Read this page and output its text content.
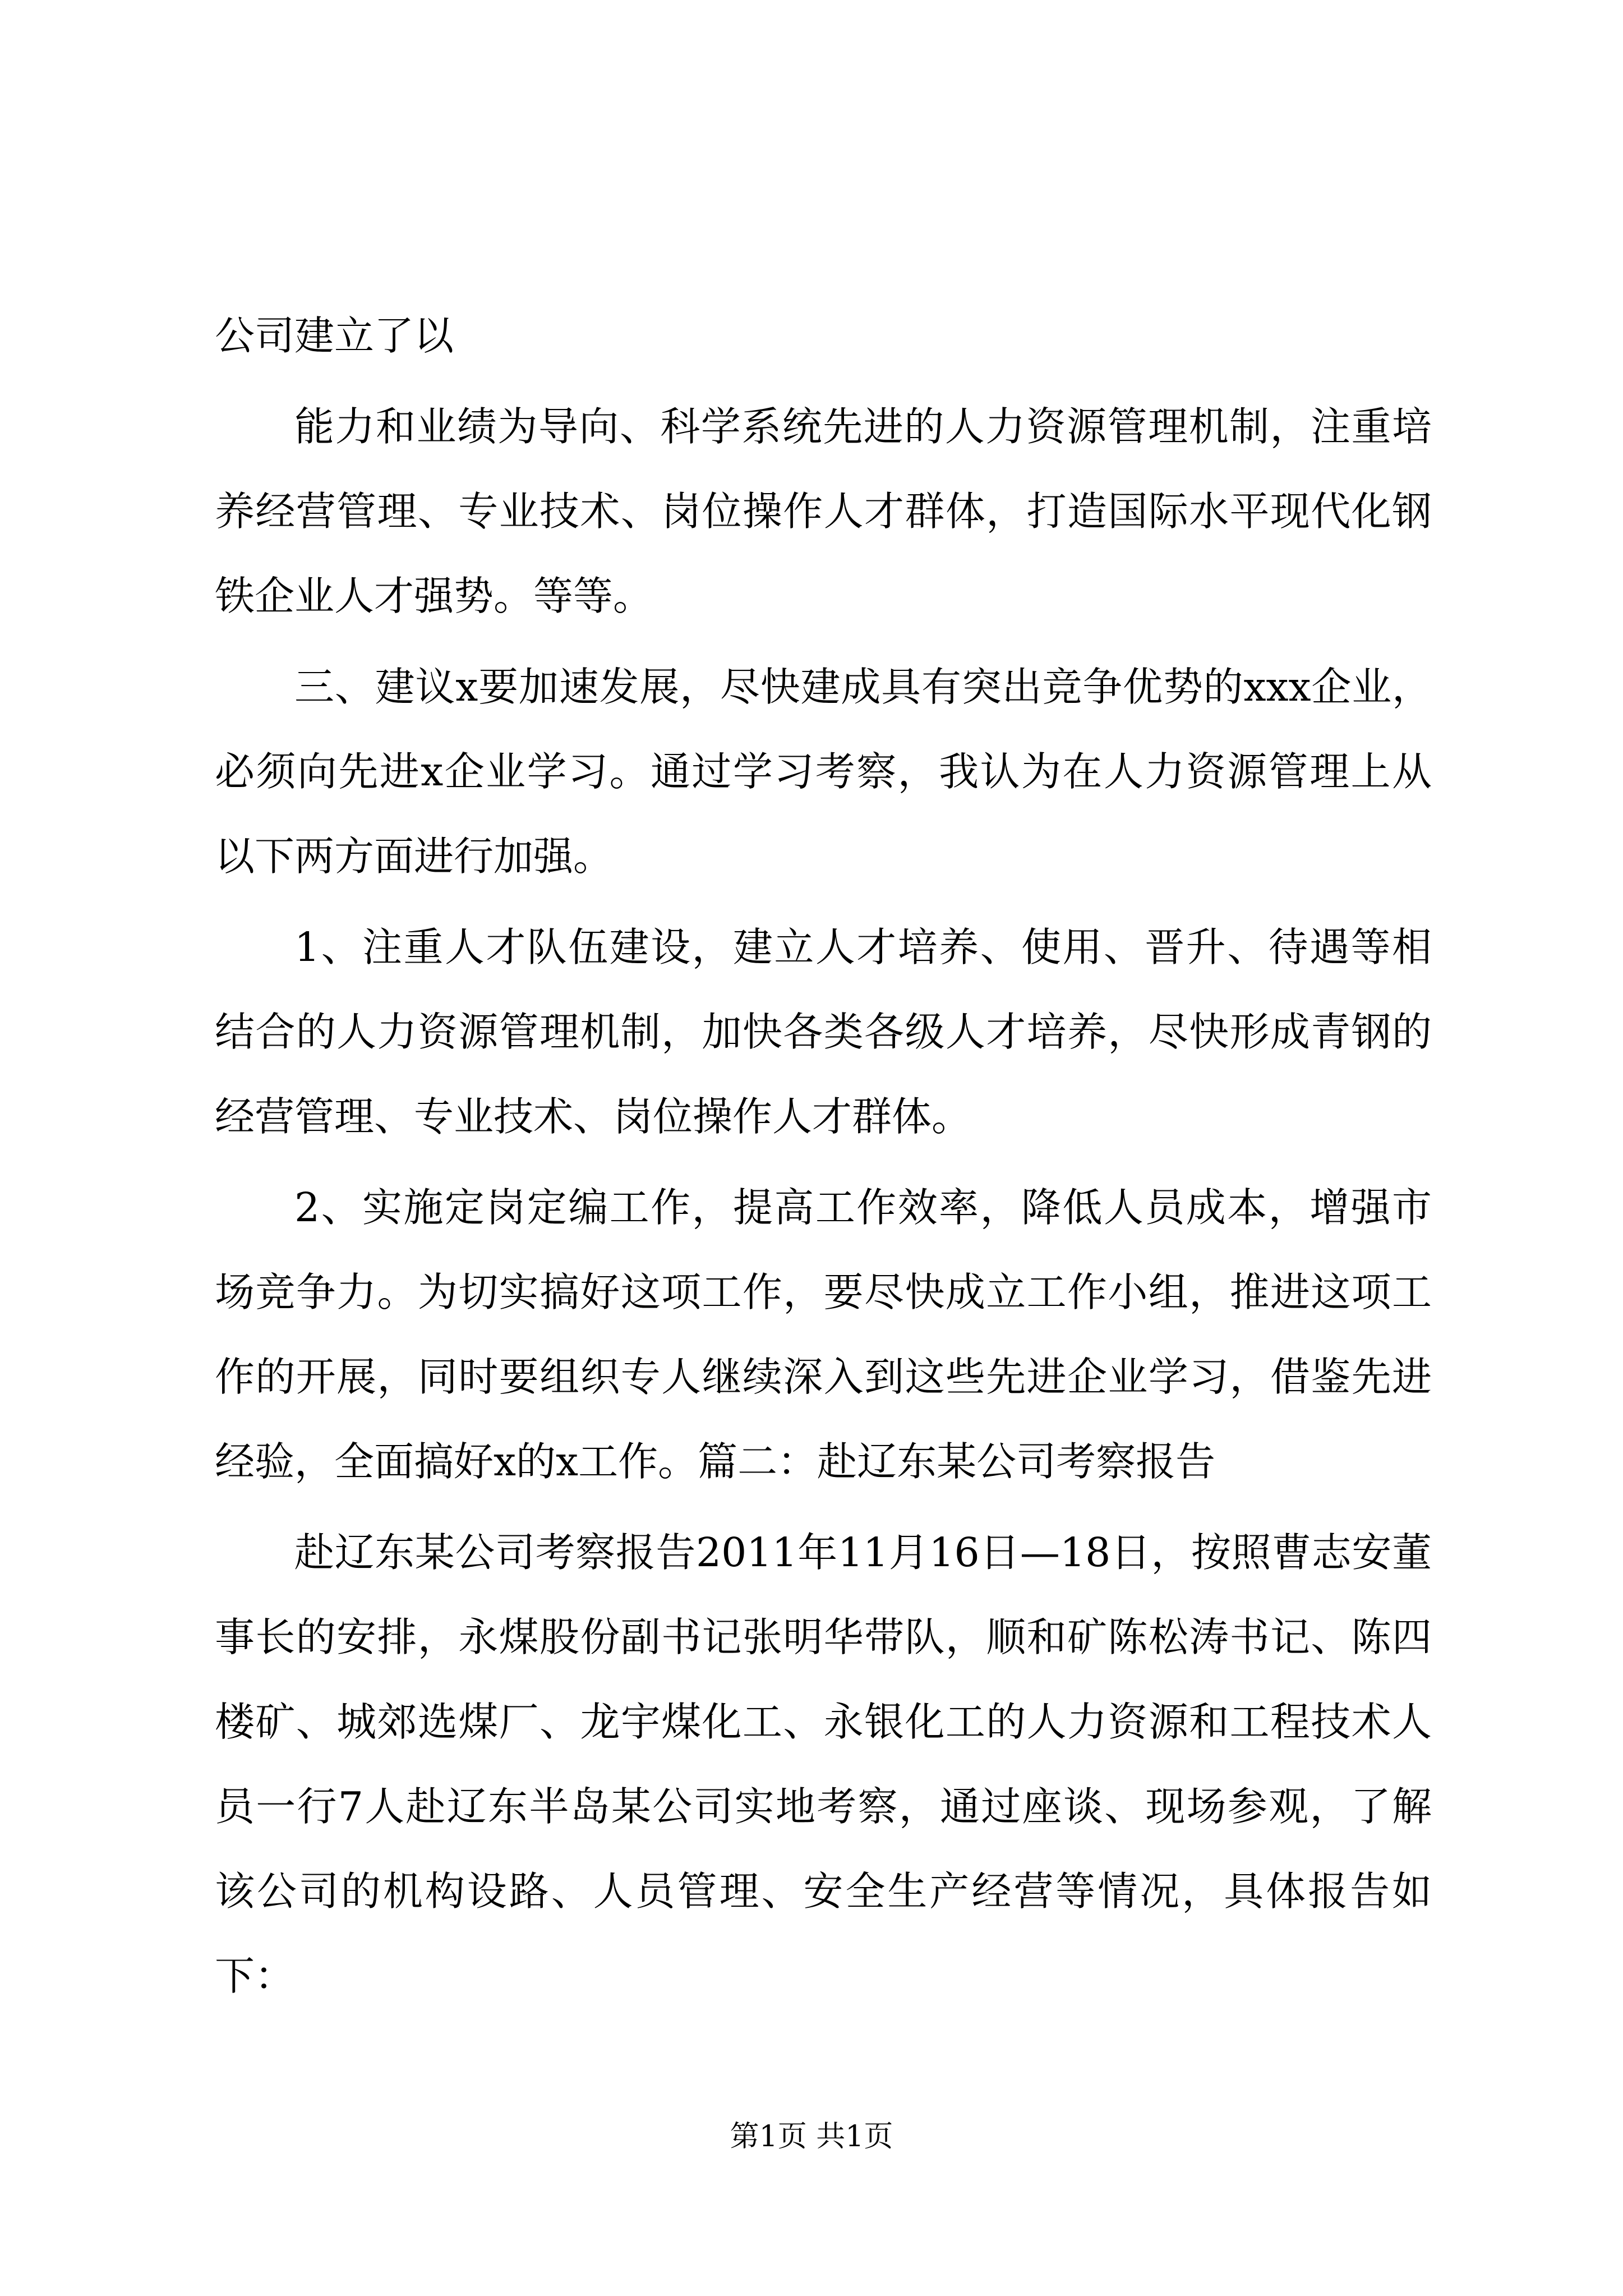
公司建立了以

能力和业绩为导向、科学系统先进的人力资源管理机制，注重培养经营管理、专业技术、岗位操作人才群体，打造国际水平现代化钢铁企业人才强势。等等。

三、建议x要加速发展，尽快建成具有突出竞争优势的xxx企业，必须向先进x企业学习。通过学习考察，我认为在人力资源管理上从以下两方面进行加强。

1、注重人才队伍建设，建立人才培养、使用、晋升、待遇等相结合的人力资源管理机制，加快各类各级人才培养，尽快形成青钢的经营管理、专业技术、岗位操作人才群体。

2、实施定岗定编工作，提高工作效率，降低人员成本，增强市场竞争力。为切实搞好这项工作，要尽快成立工作小组，推进这项工作的开展，同时要组织专人继续深入到这些先进企业学习，借鉴先进经验，全面搞好x的x工作。篇二：赴辽东某公司考察报告

赴辽东某公司考察报告2011年11月16日—18日，按照曹志安董事长的安排，永煤股份副书记张明华带队，顺和矿陈松涛书记、陈四楼矿、城郊选煤厂、龙宇煤化工、永银化工的人力资源和工程技术人员一行7人赴辽东半岛某公司实地考察，通过座谈、现场参观，了解该公司的机构设路、人员管理、安全生产经营等情况，具体报告如下：

第1页 共1页
